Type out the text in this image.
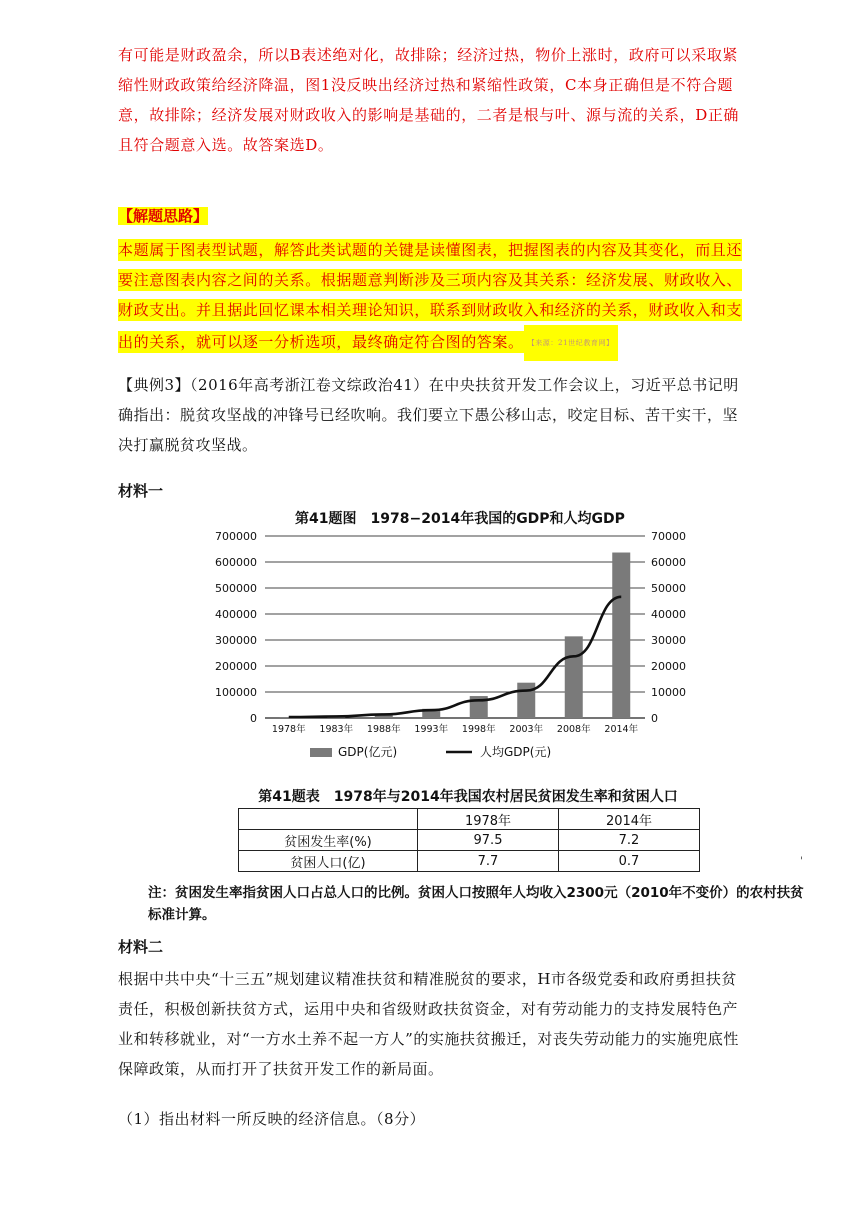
有可能是财政盈余，所以B表述绝对化，故排除；经济过热，物价上涨时，政府可以采取紧缩性财政政策给经济降温，图1没反映出经济过热和紧缩性政策，C本身正确但是不符合题意，故排除；经济发展对财政收入的影响是基础的，二者是根与叶、源与流的关系，D正确且符合题意入选。故答案选D。

【解题思路】

本题属于图表型试题，解答此类试题的关键是读懂图表，把握图表的内容及其变化，而且还要注意图表内容之间的关系。根据题意判断涉及三项内容及其关系：经济发展、财政收入、财政支出。并且据此回忆课本相关理论知识，联系到财政收入和经济的关系，财政收入和支出的关系，就可以逐一分析选项，最终确定符合图的答案。 【来源：21世纪教育网】

【典例3】（2016年高考浙江卷文综政治41）在中央扶贫开发工作会议上，习近平总书记明确指出：脱贫攻坚战的冲锋号已经吹响。我们要立下愚公移山志，咬定目标、苦干实干，坚决打赢脱贫攻坚战。

材料一
第41题图　1978−2014年我国的GDP和人均GDP
0
100000
200000
300000
400000
500000
600000
700000
0
10000
20000
30000
40000
50000
60000
70000
1978年 1983年 1988年 1993年 1998年 2003年 2008年 2014年
GDP(亿元)	人均GDP(元)
第41题表　1978年与2014年我国农村居民贫困发生率和贫困人口
	1978年	2014年
贫困发生率(%)	97.5	7.2
贫困人口(亿)	7.7	0.7	'

注：贫困发生率指贫困人口占总人口的比例。贫困人口按照年人均收入2300元（2010年不变价）的农村扶贫标准计算。

材料二

根据中共中央“十三五”规划建议精准扶贫和精准脱贫的要求，H市各级党委和政府勇担扶贫责任，积极创新扶贫方式，运用中央和省级财政扶贫资金，对有劳动能力的支持发展特色产业和转移就业，对“一方水土养不起一方人”的实施扶贫搬迁，对丧失劳动能力的实施兜底性保障政策，从而打开了扶贫开发工作的新局面。

（1）指出材料一所反映的经济信息。（8分）
